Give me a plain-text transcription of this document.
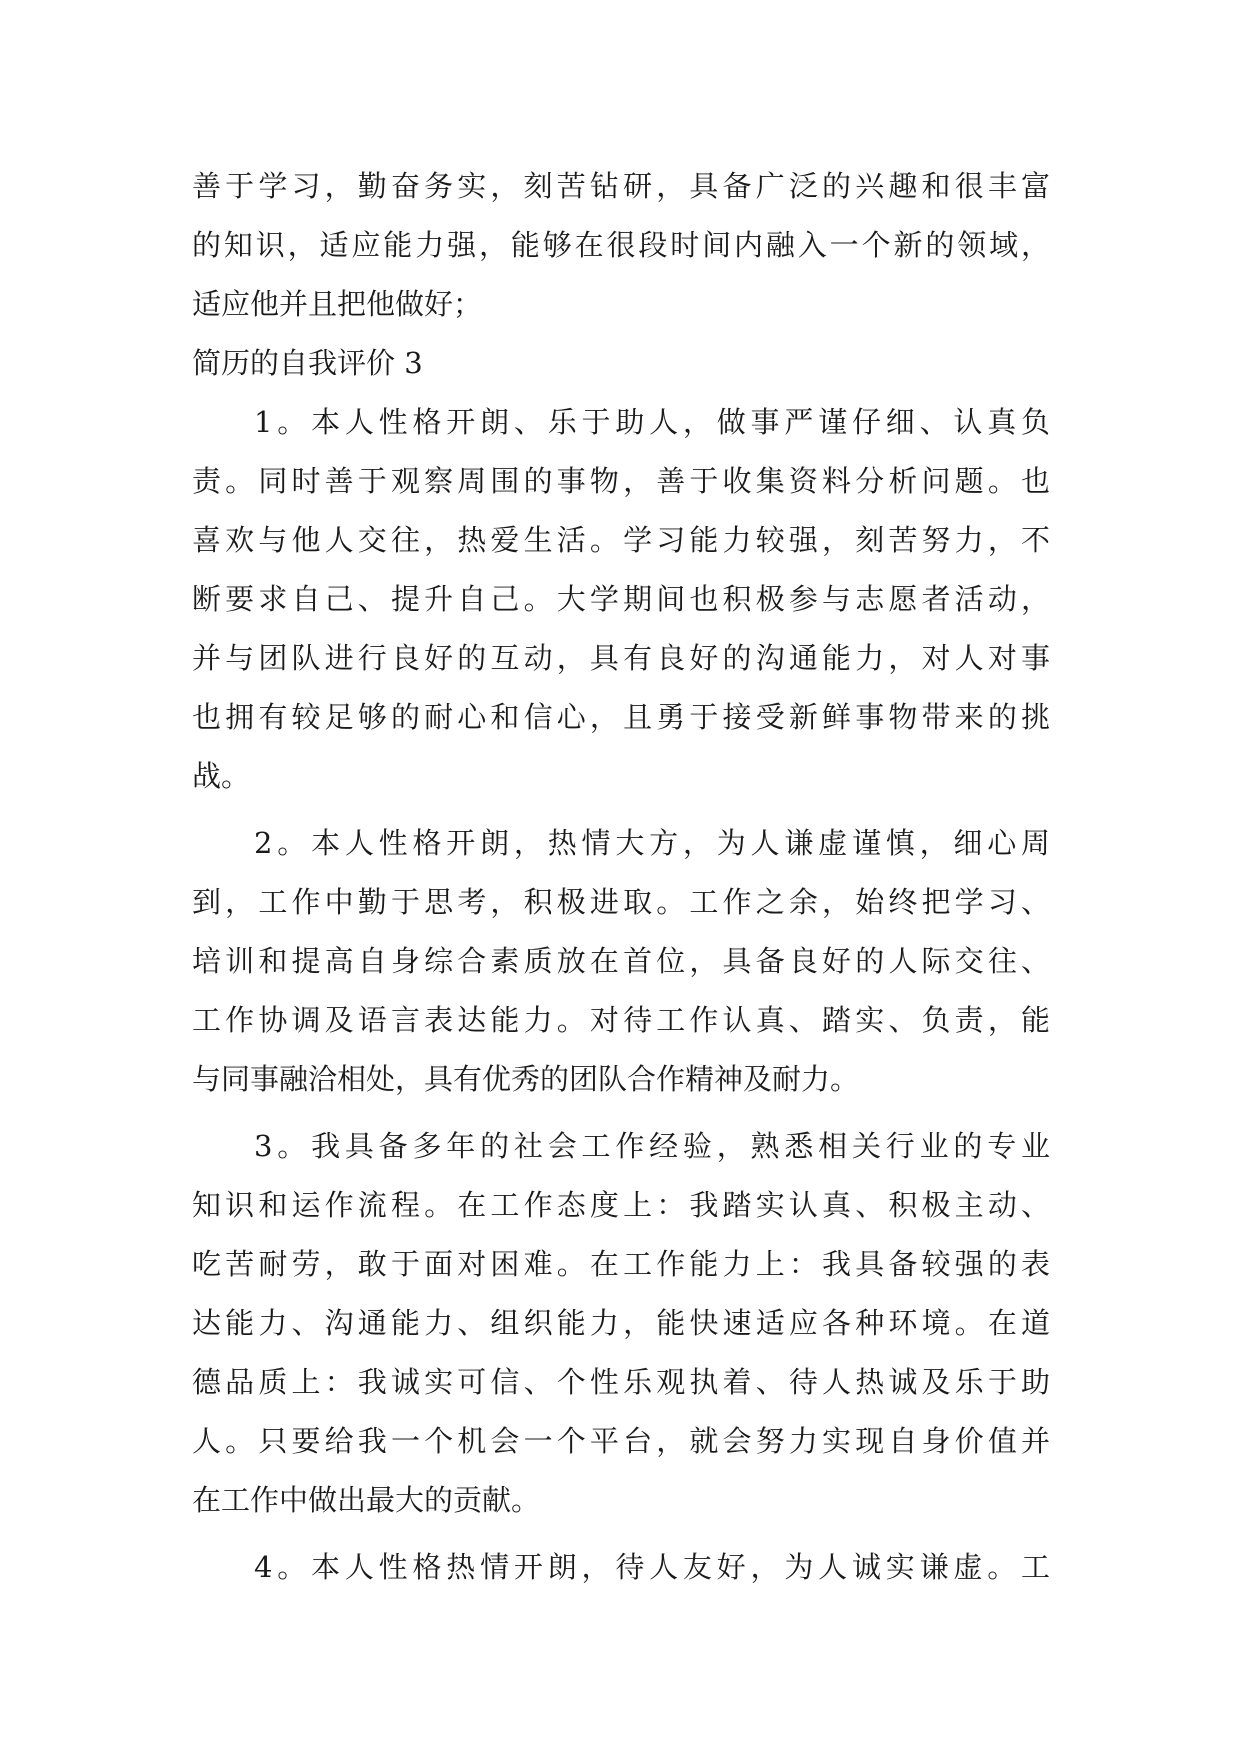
善于学习，勤奋务实，刻苦钻研，具备广泛的兴趣和很丰富
的知识，适应能力强，能够在很段时间内融入一个新的领域，
适应他并且把他做好；
简历的自我评价 3
1。本人性格开朗、乐于助人，做事严谨仔细、认真负
责。同时善于观察周围的事物，善于收集资料分析问题。也
喜欢与他人交往，热爱生活。学习能力较强，刻苦努力，不
断要求自己、提升自己。大学期间也积极参与志愿者活动，
并与团队进行良好的互动，具有良好的沟通能力，对人对事
也拥有较足够的耐心和信心，且勇于接受新鲜事物带来的挑
战。
2。本人性格开朗，热情大方，为人谦虚谨慎，细心周
到，工作中勤于思考，积极进取。工作之余，始终把学习、
培训和提高自身综合素质放在首位，具备良好的人际交往、
工作协调及语言表达能力。对待工作认真、踏实、负责，能
与同事融洽相处，具有优秀的团队合作精神及耐力。
3。我具备多年的社会工作经验，熟悉相关行业的专业
知识和运作流程。在工作态度上：我踏实认真、积极主动、
吃苦耐劳，敢于面对困难。在工作能力上：我具备较强的表
达能力、沟通能力、组织能力，能快速适应各种环境。在道
德品质上：我诚实可信、个性乐观执着、待人热诚及乐于助
人。只要给我一个机会一个平台，就会努力实现自身价值并
在工作中做出最大的贡献。
4。本人性格热情开朗，待人友好，为人诚实谦虚。工
